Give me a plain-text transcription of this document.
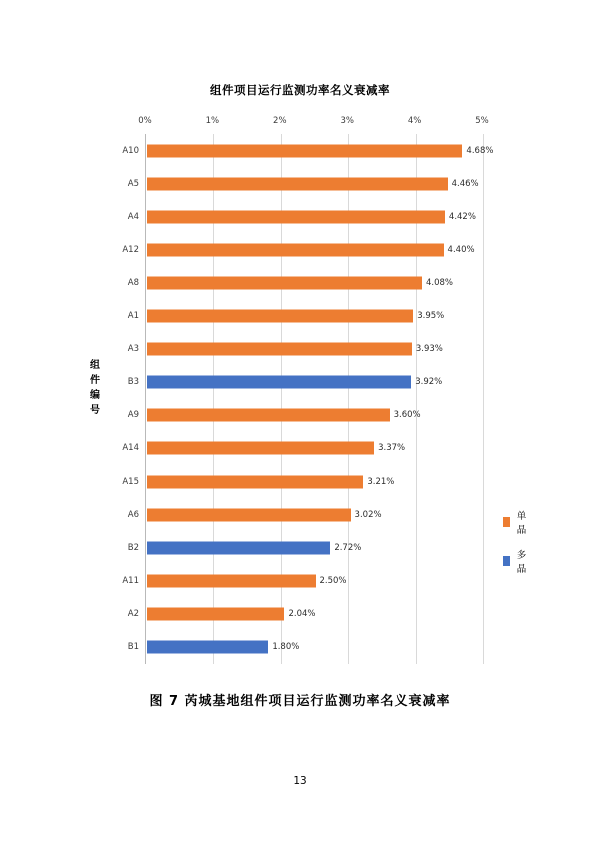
组件项目运行监测功率名义衰减率
组
件
编
号
0%	1%	2%	3%	4%	5%
A10	4.68%
A5	4.46%
A4	4.42%
A12	4.40%
A8	4.08%
A1	3.95%
A3	3.93%
B3	3.92%
A9	3.60%
A14	3.37%
A15	3.21%
A6	3.02%
B2	2.72%
A11	2.50%
A2	2.04%
B1	1.80%
单晶
多晶
图 7 芮城基地组件项目运行监测功率名义衰减率
13
